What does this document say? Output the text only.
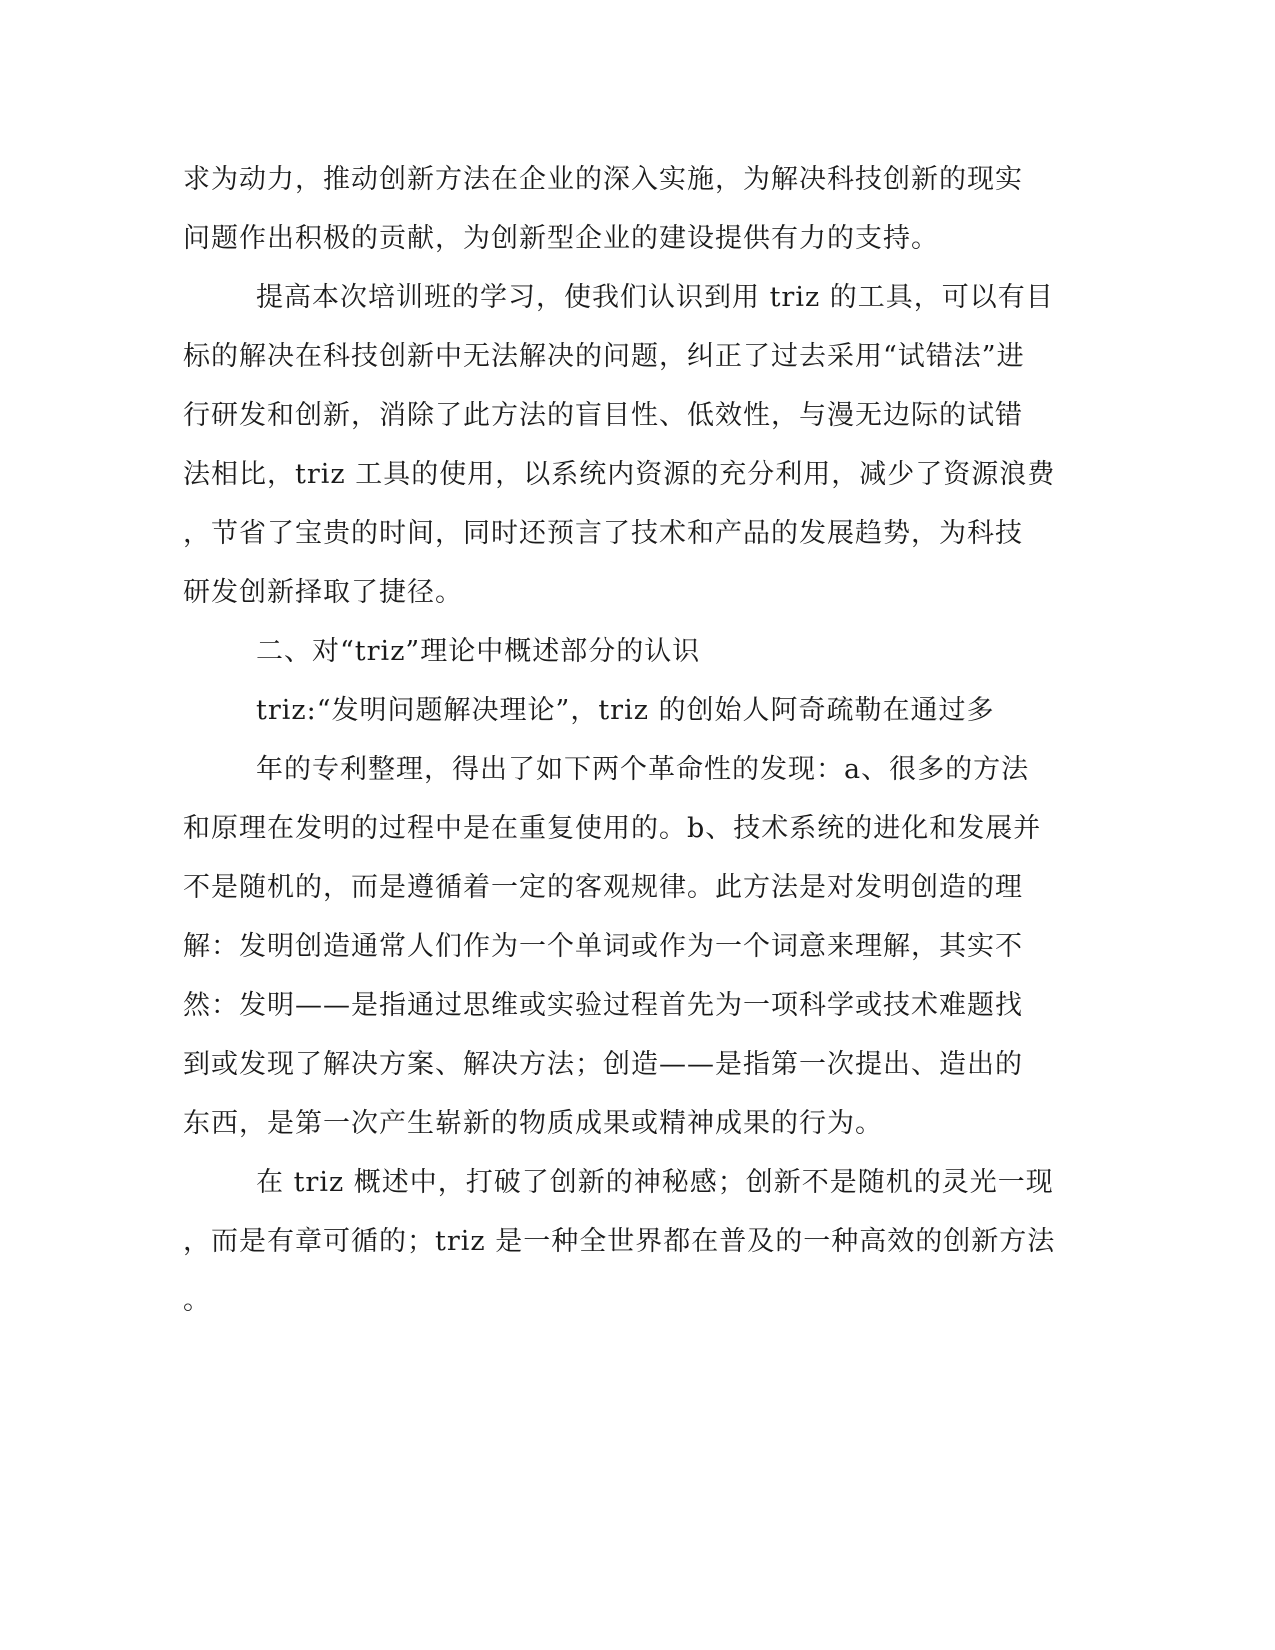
求为动力，推动创新方法在企业的深入实施，为解决科技创新的现实
问题作出积极的贡献，为创新型企业的建设提供有力的支持。
提高本次培训班的学习，使我们认识到用 triz 的工具，可以有目
标的解决在科技创新中无法解决的问题，纠正了过去采用“试错法”进
行研发和创新，消除了此方法的盲目性、低效性，与漫无边际的试错
法相比，triz 工具的使用，以系统内资源的充分利用，减少了资源浪费
，节省了宝贵的时间，同时还预言了技术和产品的发展趋势，为科技
研发创新择取了捷径。
二、对“triz”理论中概述部分的认识
triz:“发明问题解决理论”，triz 的创始人阿奇疏勒在通过多
年的专利整理，得出了如下两个革命性的发现：a、很多的方法
和原理在发明的过程中是在重复使用的。b、技术系统的进化和发展并
不是随机的，而是遵循着一定的客观规律。此方法是对发明创造的理
解：发明创造通常人们作为一个单词或作为一个词意来理解，其实不
然：发明——是指通过思维或实验过程首先为一项科学或技术难题找
到或发现了解决方案、解决方法；创造——是指第一次提出、造出的
东西，是第一次产生崭新的物质成果或精神成果的行为。
在 triz 概述中，打破了创新的神秘感；创新不是随机的灵光一现
，而是有章可循的；triz 是一种全世界都在普及的一种高效的创新方法
。
